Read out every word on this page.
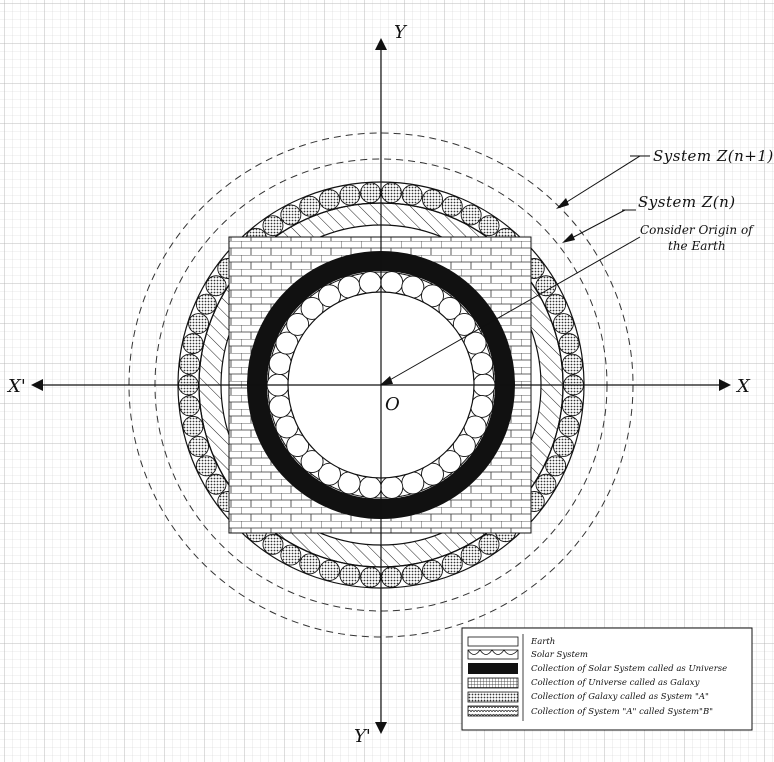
X
X'
Y
Y'
O
System Z(n+1)
System Z(n)
Consider Origin of
the Earth
Earth
Solar System
Collection of Solar System called as Universe
Collection of Universe called as Galaxy
Collection of Galaxy called as System "A"
Collection of System "A" called System"B"
